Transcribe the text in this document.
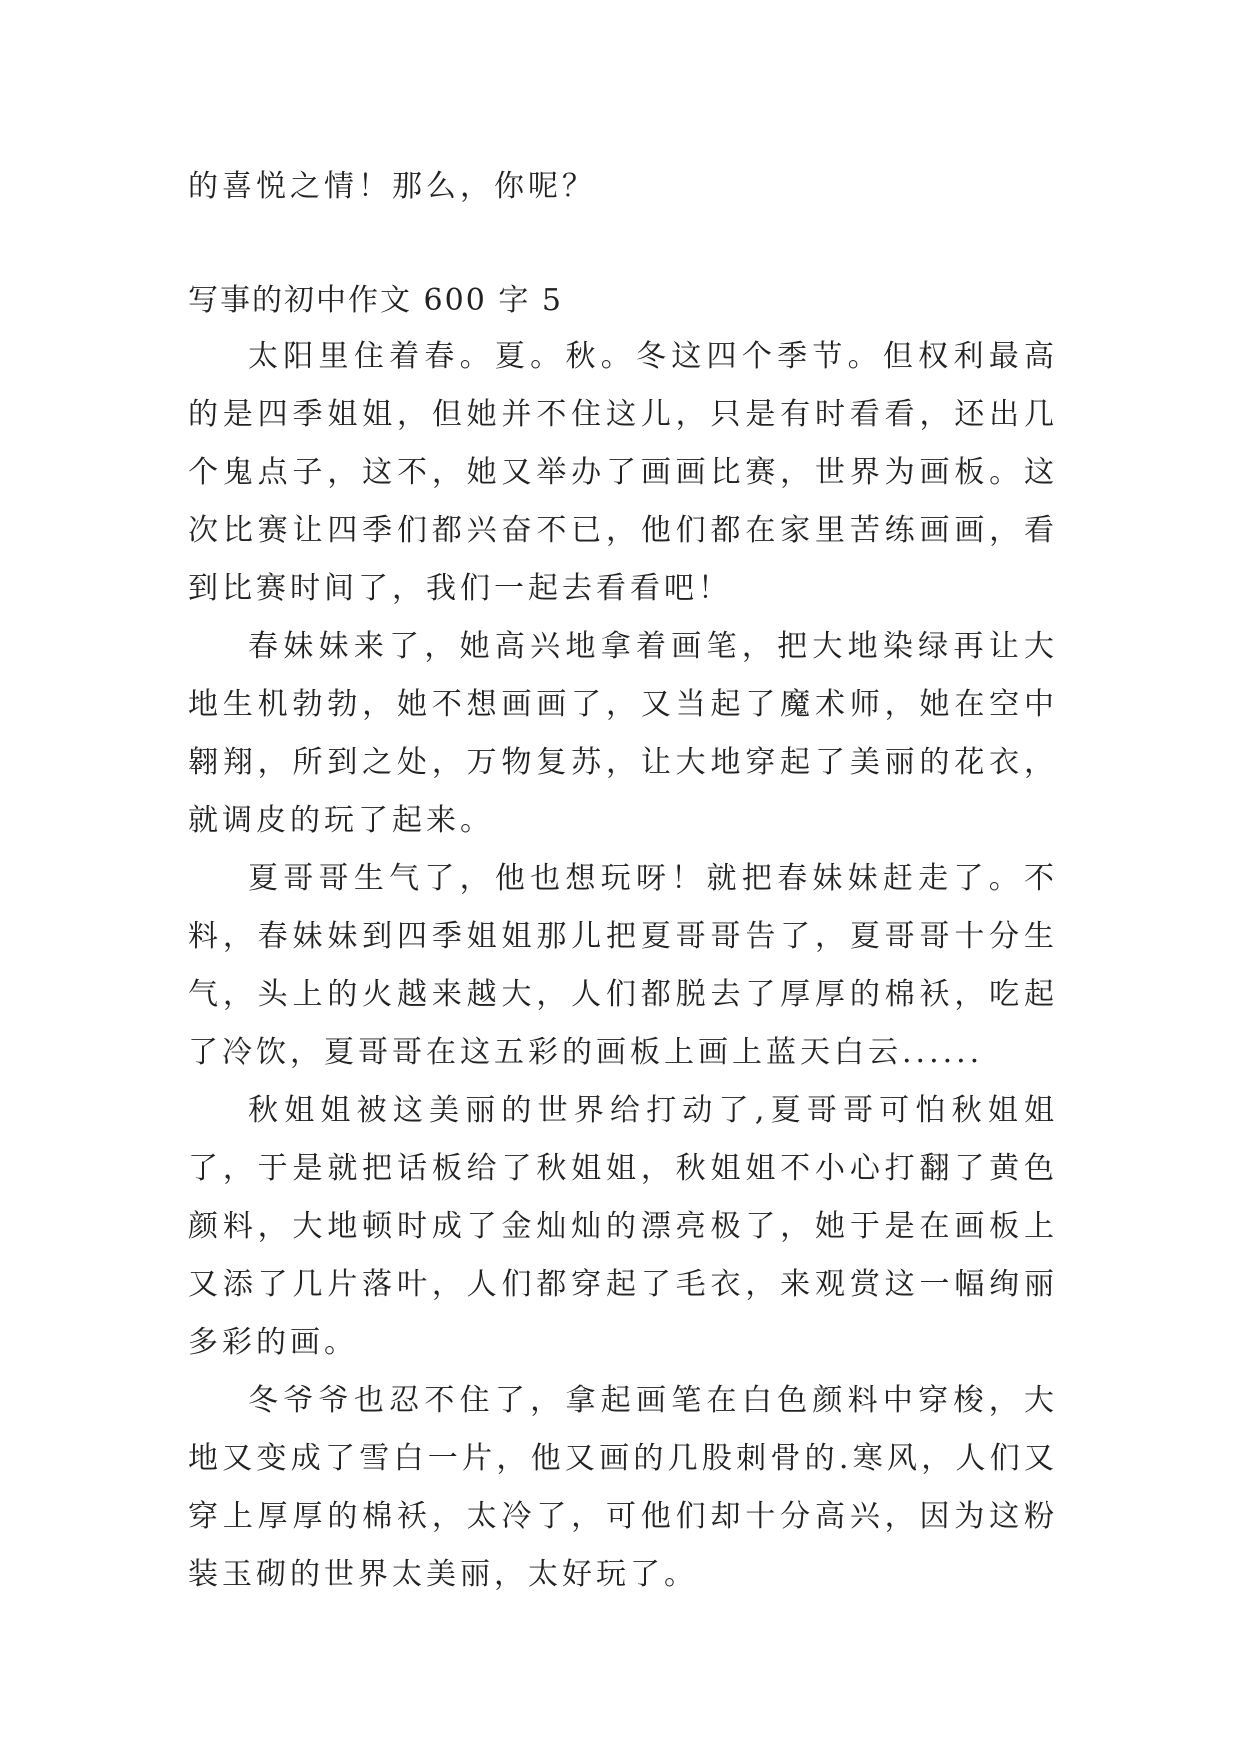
的喜悦之情！那么，你呢？
写事的初中作文 600 字 5

太阳里住着春。夏。秋。冬这四个季节。但权利最高的是四季姐姐，但她并不住这儿，只是有时看看，还出几个鬼点子，这不，她又举办了画画比赛，世界为画板。这次比赛让四季们都兴奋不已，他们都在家里苦练画画，看到比赛时间了，我们一起去看看吧！

春妹妹来了，她高兴地拿着画笔，把大地染绿再让大地生机勃勃，她不想画画了，又当起了魔术师，她在空中翱翔，所到之处，万物复苏，让大地穿起了美丽的花衣，就调皮的玩了起来。

夏哥哥生气了，他也想玩呀！就把春妹妹赶走了。不料，春妹妹到四季姐姐那儿把夏哥哥告了，夏哥哥十分生气，头上的火越来越大，人们都脱去了厚厚的棉袄，吃起了冷饮，夏哥哥在这五彩的画板上画上蓝天白云......

秋姐姐被这美丽的世界给打动了,夏哥哥可怕秋姐姐了，于是就把话板给了秋姐姐，秋姐姐不小心打翻了黄色颜料，大地顿时成了金灿灿的漂亮极了，她于是在画板上又添了几片落叶，人们都穿起了毛衣，来观赏这一幅绚丽多彩的画。

冬爷爷也忍不住了，拿起画笔在白色颜料中穿梭，大地又变成了雪白一片，他又画的几股刺骨的.寒风，人们又穿上厚厚的棉袄，太冷了，可他们却十分高兴，因为这粉装玉砌的世界太美丽，太好玩了。
